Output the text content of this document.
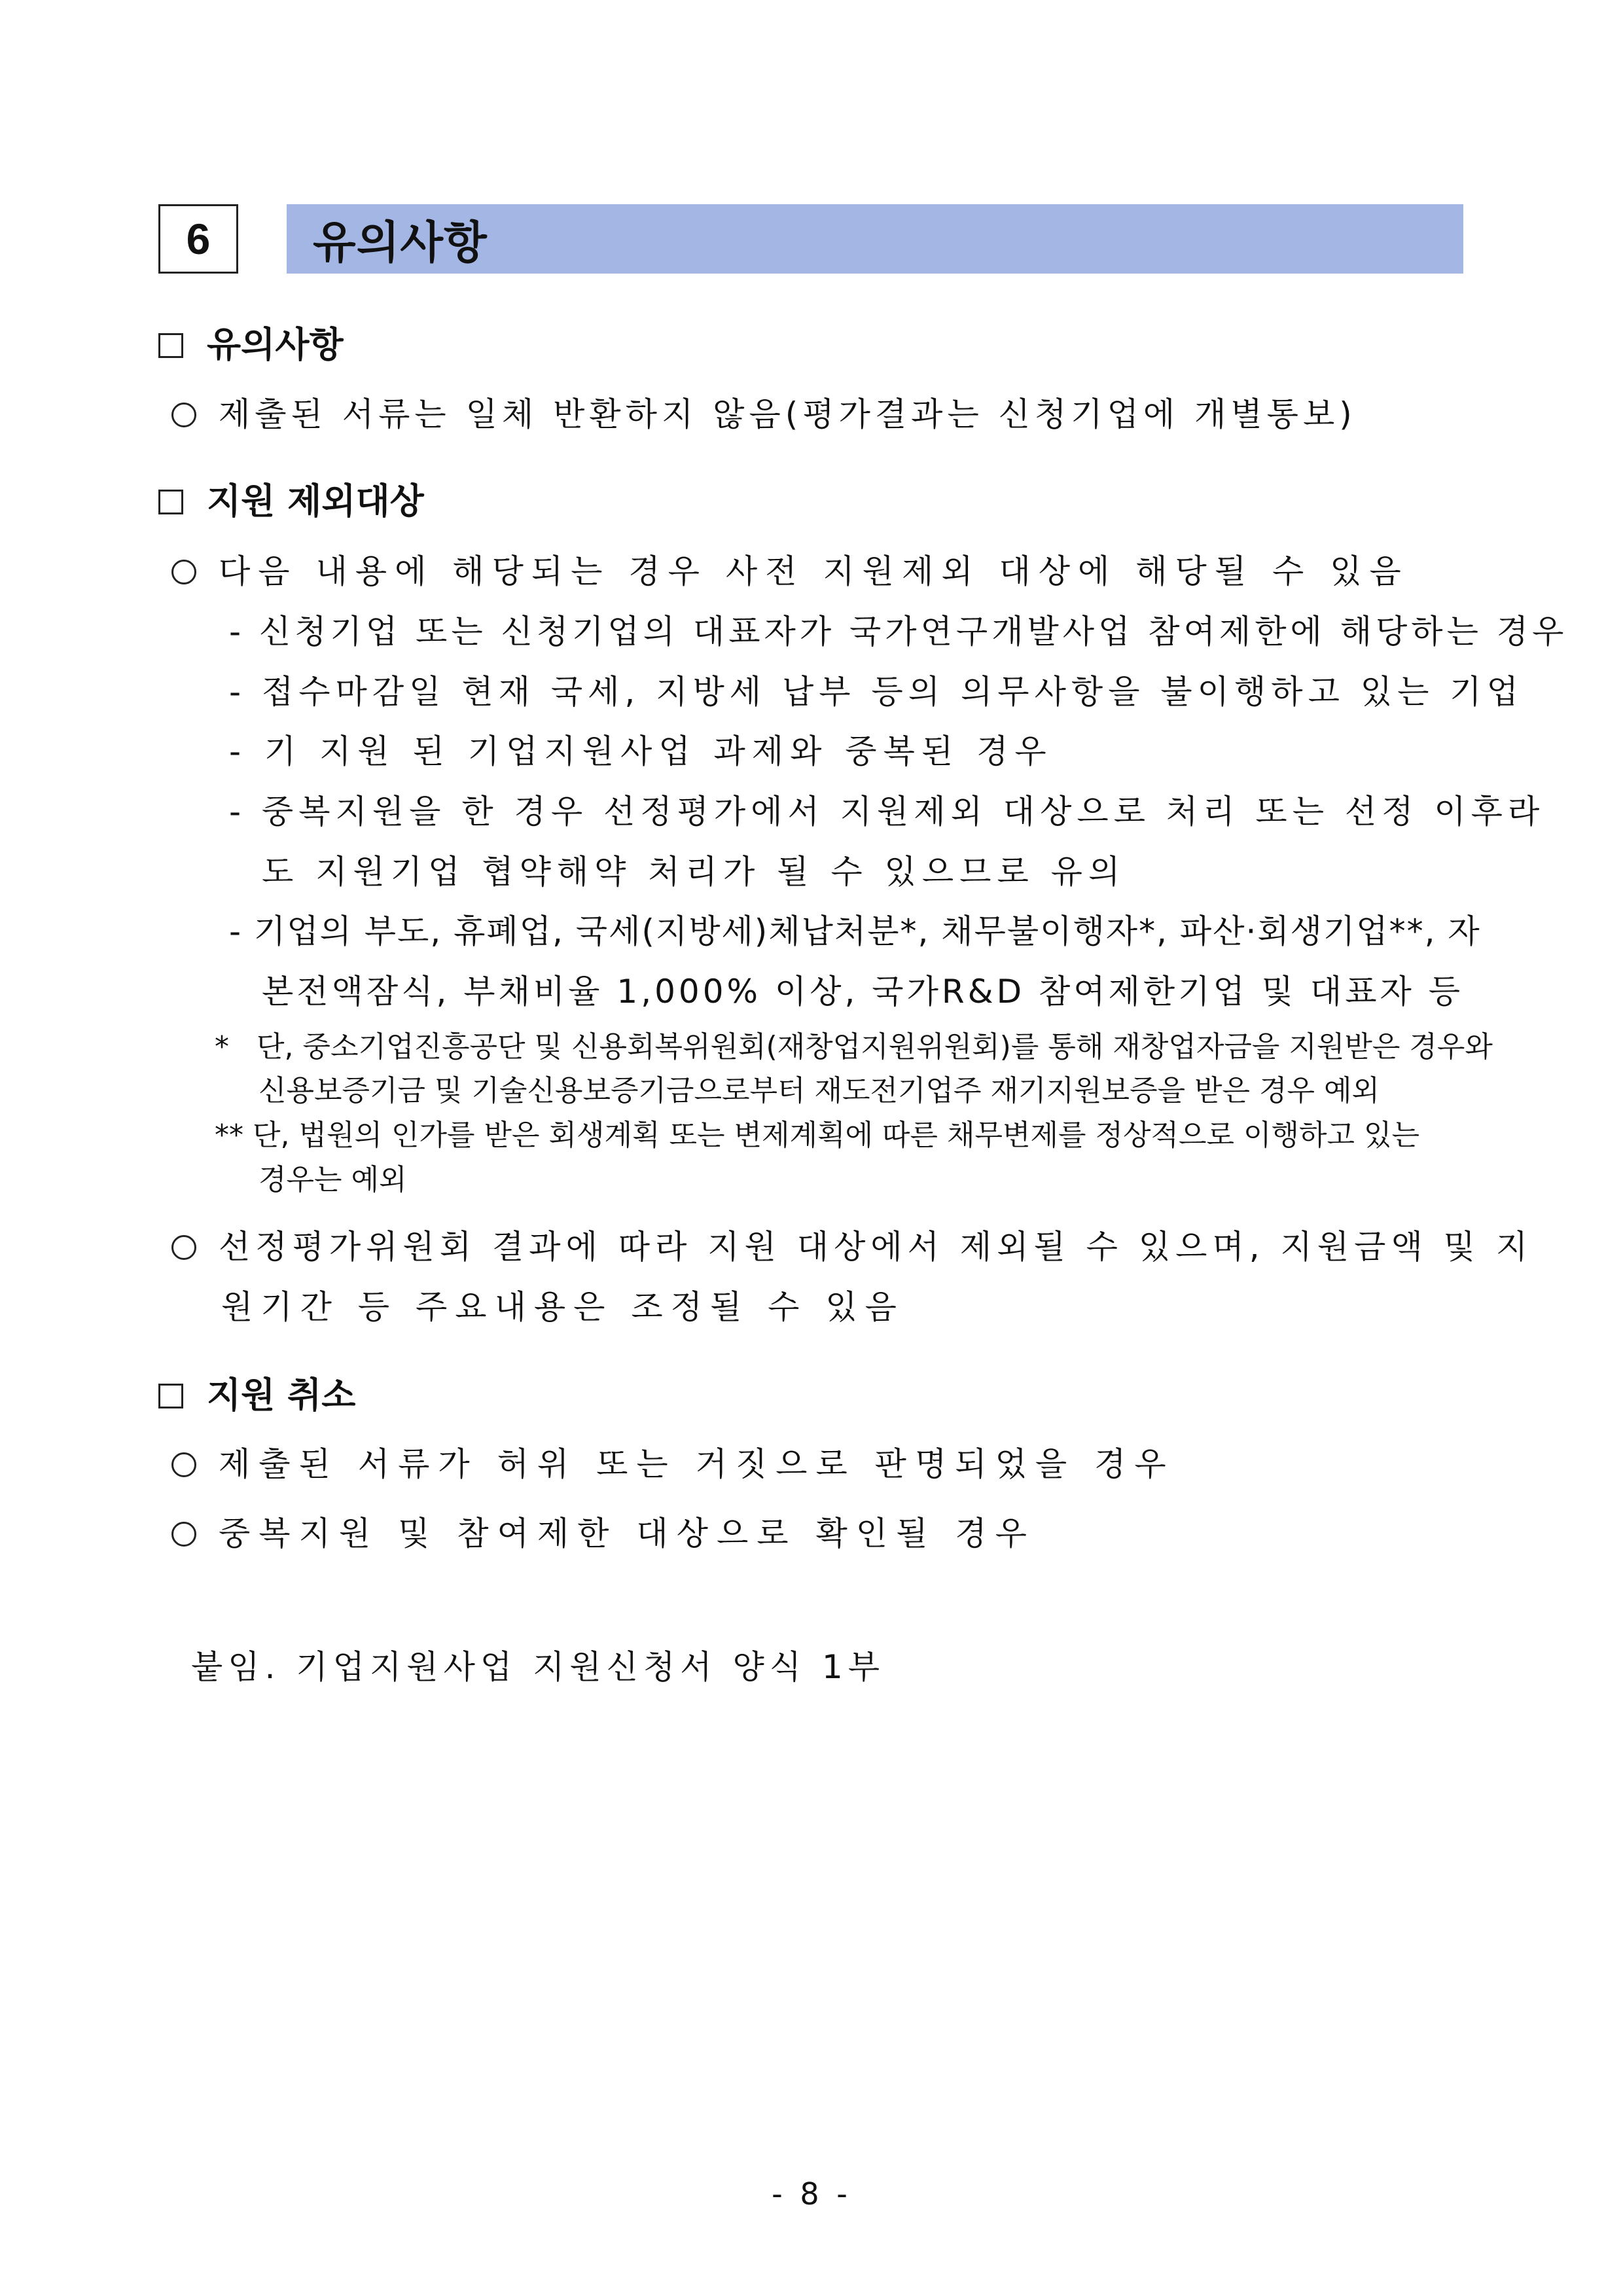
6	유의사항
유의사항
제출된 서류는 일체 반환하지 않음(평가결과는 신청기업에 개별통보)
지원 제외대상
다음 내용에 해당되는 경우 사전 지원제외 대상에 해당될 수 있음
- 신청기업 또는 신청기업의 대표자가 국가연구개발사업 참여제한에 해당하는 경우
- 접수마감일 현재 국세, 지방세 납부 등의 의무사항을 불이행하고 있는 기업
- 기 지원 된 기업지원사업 과제와 중복된 경우
- 중복지원을 한 경우 선정평가에서 지원제외 대상으로 처리 또는 선정 이후라
도 지원기업 협약해약 처리가 될 수 있으므로 유의
- 기업의 부도, 휴폐업, 국세(지방세)체납처분*, 채무불이행자*, 파산·회생기업**, 자
본전액잠식, 부채비율 1,000% 이상, 국가R&D 참여제한기업 및 대표자 등
*   단, 중소기업진흥공단 및 신용회복위원회(재창업지원위원회)를 통해 재창업자금을 지원받은 경우와
신용보증기금 및 기술신용보증기금으로부터 재도전기업주 재기지원보증을 받은 경우 예외
** 단, 법원의 인가를 받은 회생계획 또는 변제계획에 따른 채무변제를 정상적으로 이행하고 있는
경우는 예외
선정평가위원회 결과에 따라 지원 대상에서 제외될 수 있으며, 지원금액 및 지
원기간 등 주요내용은 조정될 수 있음
지원 취소
제출된 서류가 허위 또는 거짓으로 판명되었을 경우
중복지원 및 참여제한 대상으로 확인될 경우
붙임. 기업지원사업 지원신청서 양식 1부
- 8 -
